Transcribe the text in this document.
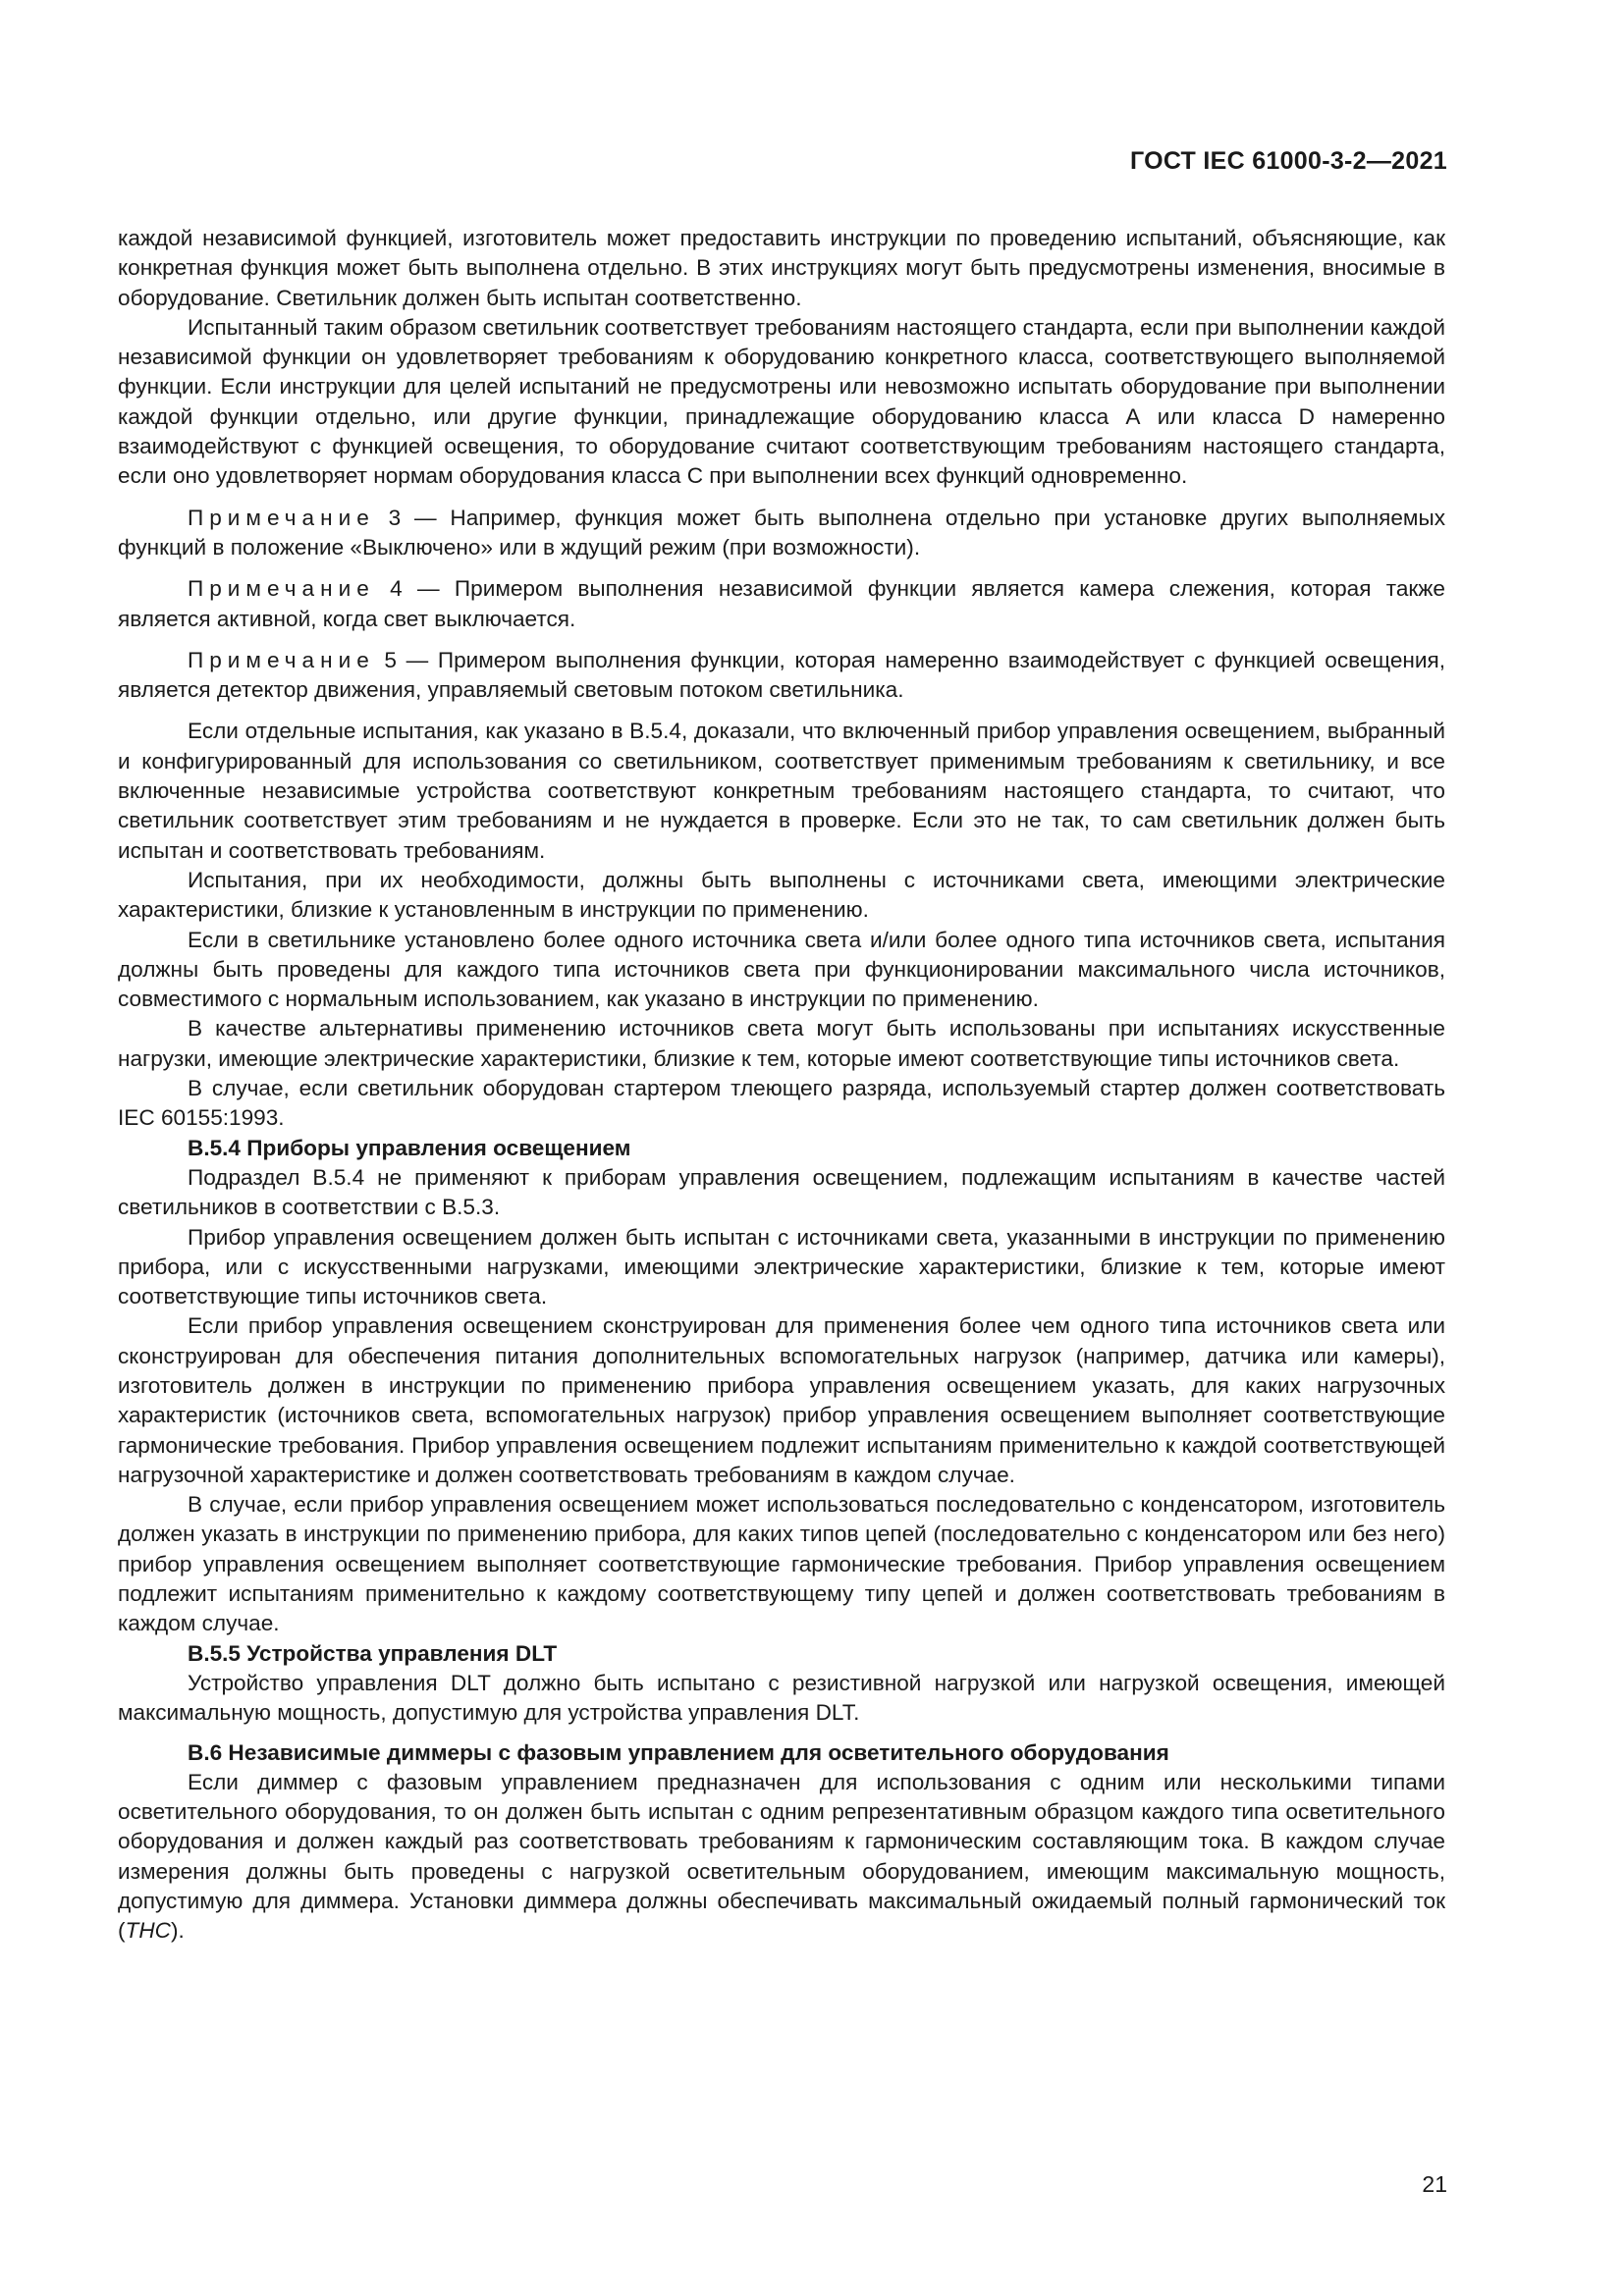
ГОСТ IEC 61000-3-2—2021

каждой независимой функцией, изготовитель может предоставить инструкции по проведению испытаний, объясняющие, как конкретная функция может быть выполнена отдельно. В этих инструкциях могут быть предусмотрены изменения, вносимые в оборудование. Светильник должен быть испытан соответственно.

Испытанный таким образом светильник соответствует требованиям настоящего стандарта, если при выполнении каждой независимой функции он удовлетворяет требованиям к оборудованию конкретного класса, соответствующего выполняемой функции. Если инструкции для целей испытаний не предусмотрены или невозможно испытать оборудование при выполнении каждой функции отдельно, или другие функции, принадлежащие оборудованию класса А или класса D намеренно взаимодействуют с функцией освещения, то оборудование считают соответствующим требованиям настоящего стандарта, если оно удовлетворяет нормам оборудования класса С при выполнении всех функций одновременно.

Примечание 3 — Например, функция может быть выполнена отдельно при установке других выполняемых функций в положение «Выключено» или в ждущий режим (при возможности).

Примечание 4 — Примером выполнения независимой функции является камера слежения, которая также является активной, когда свет выключается.

Примечание 5 — Примером выполнения функции, которая намеренно взаимодействует с функцией освещения, является детектор движения, управляемый световым потоком светильника.

Если отдельные испытания, как указано в В.5.4, доказали, что включенный прибор управления освещением, выбранный и конфигурированный для использования со светильником, соответствует применимым требованиям к светильнику, и все включенные независимые устройства соответствуют конкретным требованиям настоящего стандарта, то считают, что светильник соответствует этим требованиям и не нуждается в проверке. Если это не так, то сам светильник должен быть испытан и соответствовать требованиям.

Испытания, при их необходимости, должны быть выполнены с источниками света, имеющими электрические характеристики, близкие к установленным в инструкции по применению.

Если в светильнике установлено более одного источника света и/или более одного типа источников света, испытания должны быть проведены для каждого типа источников света при функционировании максимального числа источников, совместимого с нормальным использованием, как указано в инструкции по применению.

В качестве альтернативы применению источников света могут быть использованы при испытаниях искусственные нагрузки, имеющие электрические характеристики, близкие к тем, которые имеют соответствующие типы источников света.

В случае, если светильник оборудован стартером тлеющего разряда, используемый стартер должен соответствовать IEC 60155:1993.

В.5.4 Приборы управления освещением

Подраздел В.5.4 не применяют к приборам управления освещением, подлежащим испытаниям в качестве частей светильников в соответствии с В.5.3.

Прибор управления освещением должен быть испытан с источниками света, указанными в инструкции по применению прибора, или с искусственными нагрузками, имеющими электрические характеристики, близкие к тем, которые имеют соответствующие типы источников света.

Если прибор управления освещением сконструирован для применения более чем одного типа источников света или сконструирован для обеспечения питания дополнительных вспомогательных нагрузок (например, датчика или камеры), изготовитель должен в инструкции по применению прибора управления освещением указать, для каких нагрузочных характеристик (источников света, вспомогательных нагрузок) прибор управления освещением выполняет соответствующие гармонические требования. Прибор управления освещением подлежит испытаниям применительно к каждой соответствующей нагрузочной характеристике и должен соответствовать требованиям в каждом случае.

В случае, если прибор управления освещением может использоваться последовательно с конденсатором, изготовитель должен указать в инструкции по применению прибора, для каких типов цепей (последовательно с конденсатором или без него) прибор управления освещением выполняет соответствующие гармонические требования. Прибор управления освещением подлежит испытаниям применительно к каждому соответствующему типу цепей и должен соответствовать требованиям в каждом случае.

В.5.5 Устройства управления DLT

Устройство управления DLT должно быть испытано с резистивной нагрузкой или нагрузкой освещения, имеющей максимальную мощность, допустимую для устройства управления DLT.

В.6 Независимые диммеры с фазовым управлением для осветительного оборудования

Если диммер с фазовым управлением предназначен для использования с одним или несколькими типами осветительного оборудования, то он должен быть испытан с одним репрезентативным образцом каждого типа осветительного оборудования и должен каждый раз соответствовать требованиям к гармоническим составляющим тока. В каждом случае измерения должны быть проведены с нагрузкой осветительным оборудованием, имеющим максимальную мощность, допустимую для диммера. Установки диммера должны обеспечивать максимальный ожидаемый полный гармонический ток (THC).

21
